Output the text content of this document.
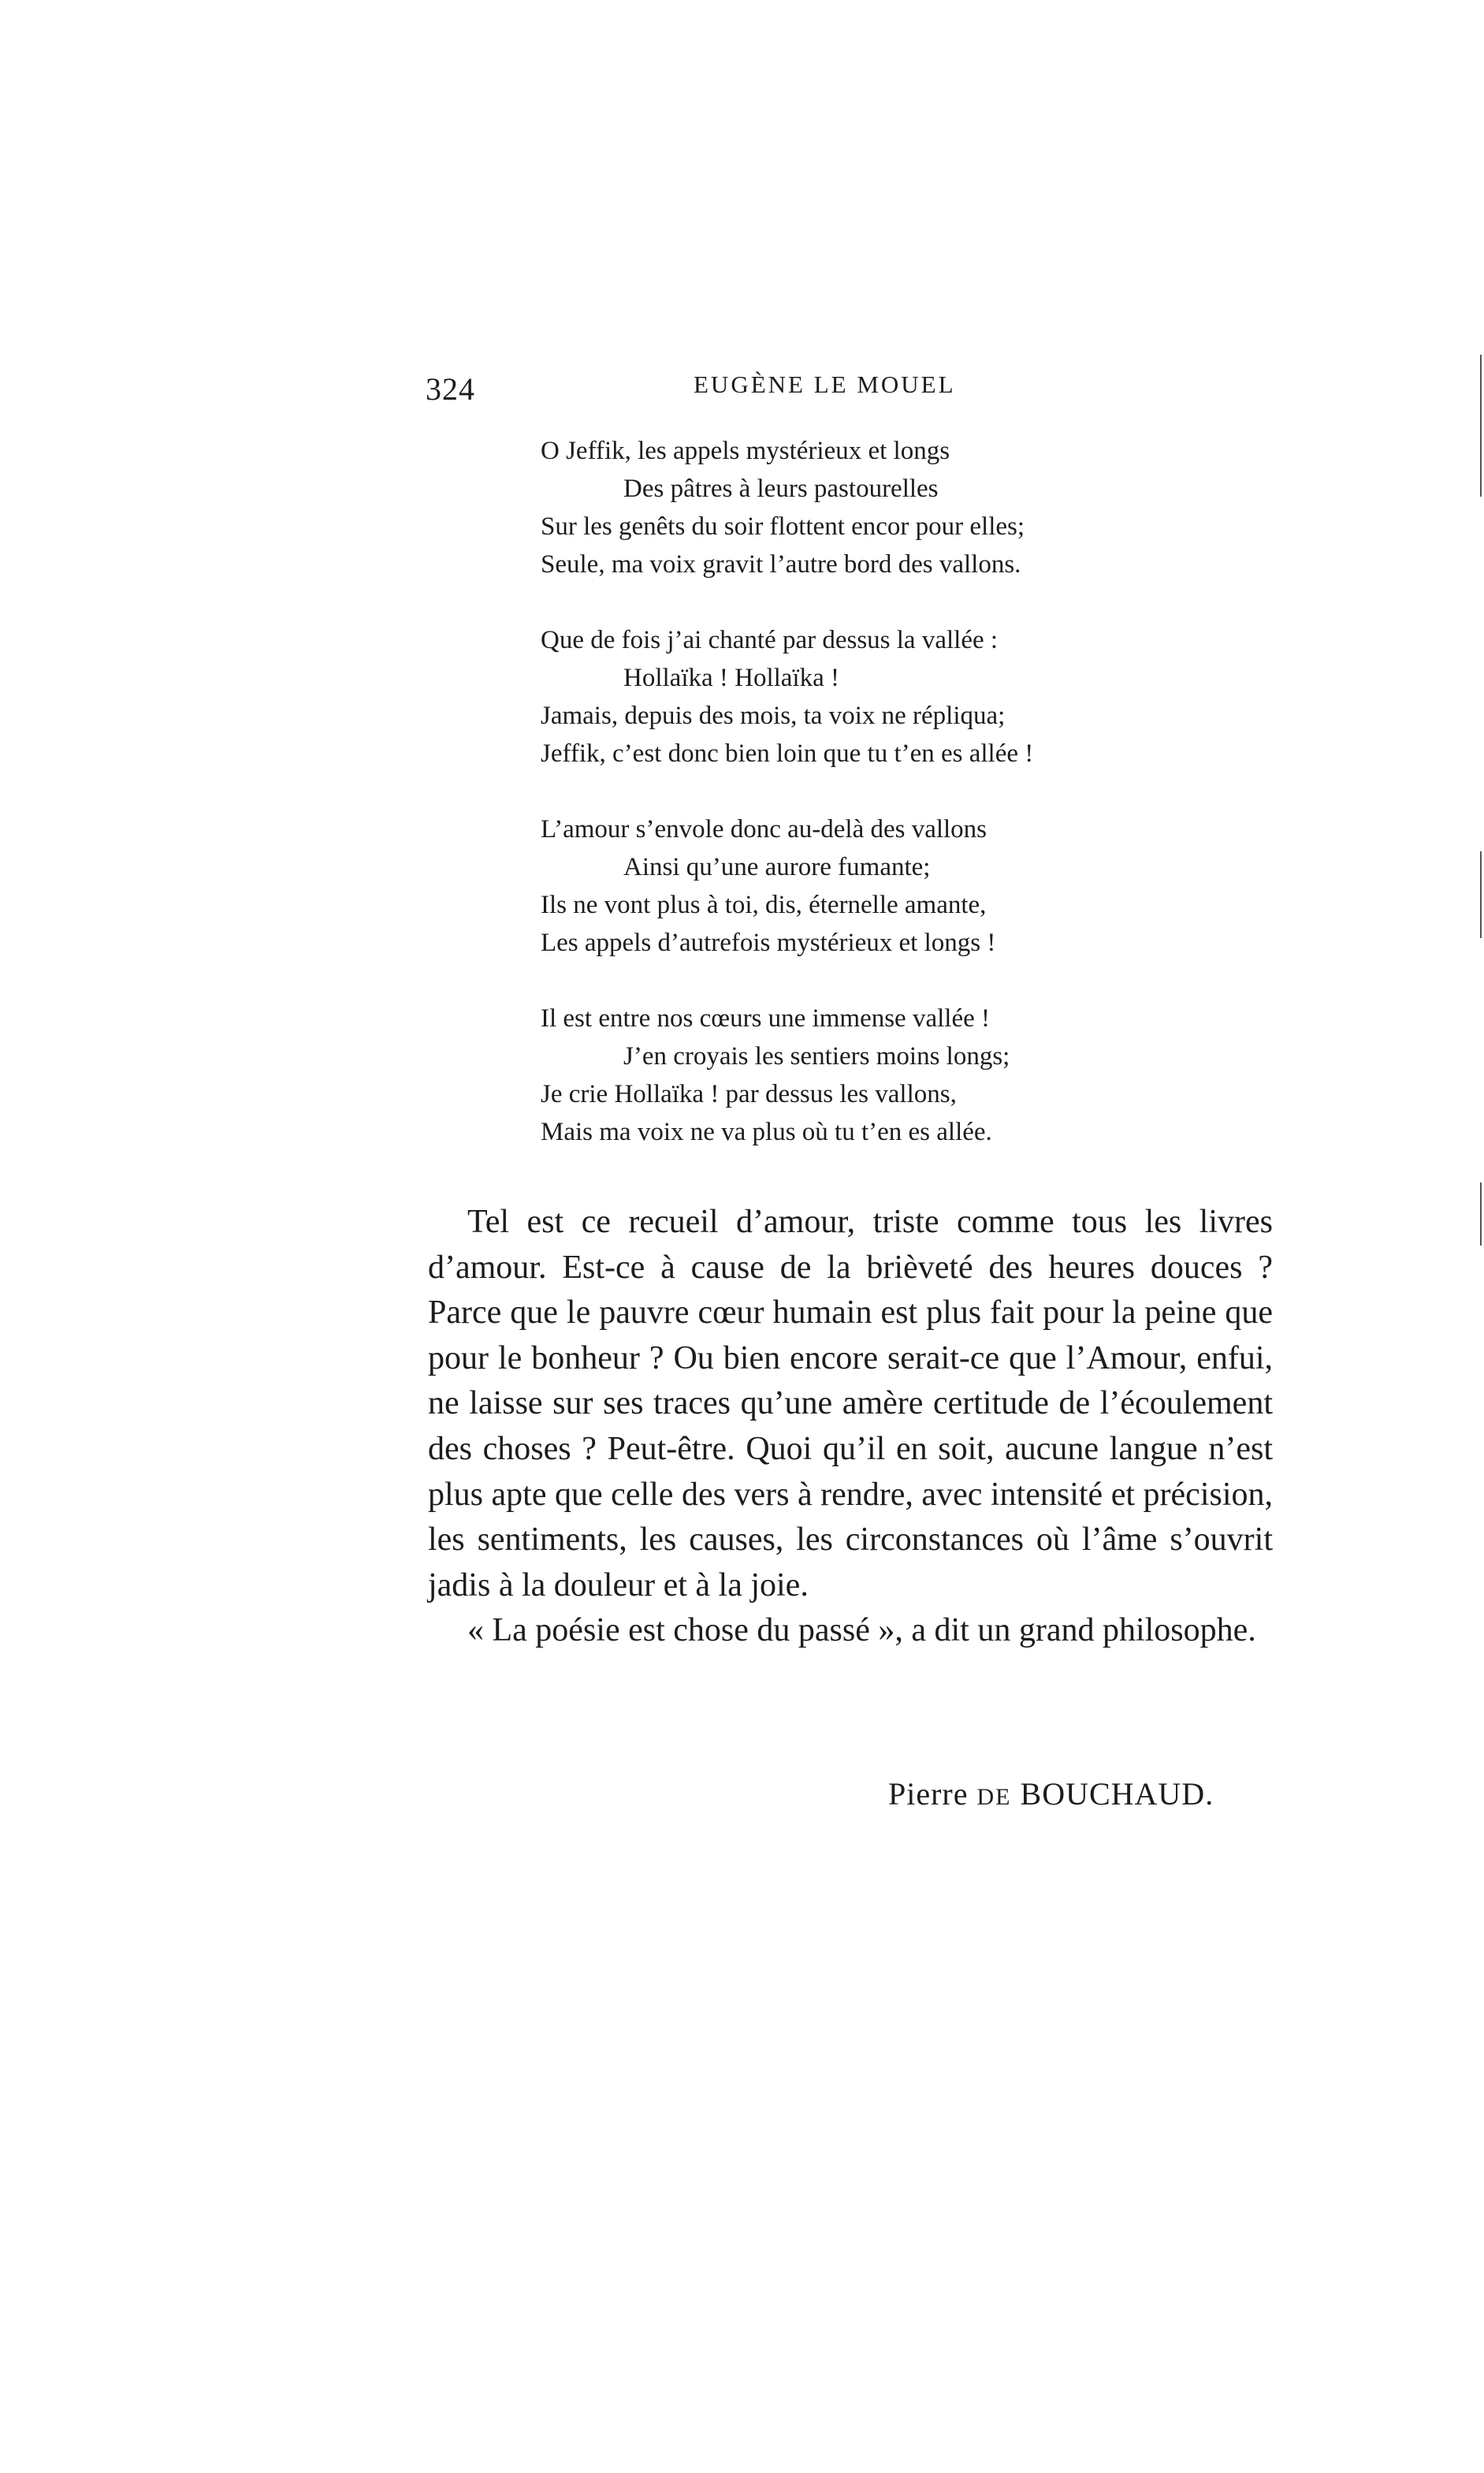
324	EUGÈNE LE MOUEL
O Jeffik, les appels mystérieux et longs
Des pâtres à leurs pastourelles
Sur les genêts du soir flottent encor pour elles;
Seule, ma voix gravit l’autre bord des vallons.
Que de fois j’ai chanté par dessus la vallée :
Hollaïka ! Hollaïka !
Jamais, depuis des mois, ta voix ne répliqua;
Jeffik, c’est donc bien loin que tu t’en es allée !
L’amour s’envole donc au-delà des vallons
Ainsi qu’une aurore fumante;
Ils ne vont plus à toi, dis, éternelle amante,
Les appels d’autrefois mystérieux et longs !
Il est entre nos cœurs une immense vallée !
J’en croyais les sentiers moins longs;
Je crie Hollaïka ! par dessus les vallons,
Mais ma voix ne va plus où tu t’en es allée.

Tel est ce recueil d’amour, triste comme tous les livres d’amour. Est-ce à cause de la brièveté des heures douces ? Parce que le pauvre cœur humain est plus fait pour la peine que pour le bonheur ? Ou bien encore serait-ce que l’Amour, enfui, ne laisse sur ses traces qu’une amère certitude de l’écoulement des choses ? Peut-être. Quoi qu’il en soit, aucune langue n’est plus apte que celle des vers à rendre, avec intensité et précision, les sentiments, les causes, les circonstances où l’âme s’ouvrit jadis à la douleur et à la joie.

« La poésie est chose du passé », a dit un grand philosophe.

Pierre DE BOUCHAUD.
